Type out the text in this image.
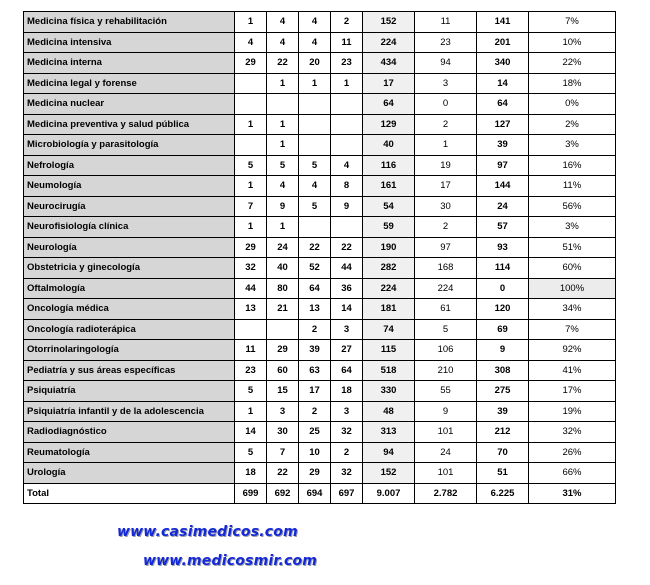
Medicina física y rehabilitación	1	4	4	2	152	11	141	7%
Medicina intensiva	4	4	4	11	224	23	201	10%
Medicina interna	29	22	20	23	434	94	340	22%
Medicina legal y forense		1	1	1	17	3	14	18%
Medicina nuclear					64	0	64	0%
Medicina preventiva y salud pública	1	1			129	2	127	2%
Microbiología y parasitología		1			40	1	39	3%
Nefrología	5	5	5	4	116	19	97	16%
Neumología	1	4	4	8	161	17	144	11%
Neurocirugía	7	9	5	9	54	30	24	56%
Neurofisiología clínica	1	1			59	2	57	3%
Neurología	29	24	22	22	190	97	93	51%
Obstetricia y ginecología	32	40	52	44	282	168	114	60%
Oftalmología	44	80	64	36	224	224	0	100%
Oncología médica	13	21	13	14	181	61	120	34%
Oncología radioterápica			2	3	74	5	69	7%
Otorrinolaringología	11	29	39	27	115	106	9	92%
Pediatría y sus áreas específicas	23	60	63	64	518	210	308	41%
Psiquiatría	5	15	17	18	330	55	275	17%
Psiquiatría infantil y de la adolescencia	1	3	2	3	48	9	39	19%
Radiodiagnóstico	14	30	25	32	313	101	212	32%
Reumatología	5	7	10	2	94	24	70	26%
Urología	18	22	29	32	152	101	51	66%
Total	699	692	694	697	9.007	2.782	6.225	31%
www.casimedicos.com
www.medicosmir.com
